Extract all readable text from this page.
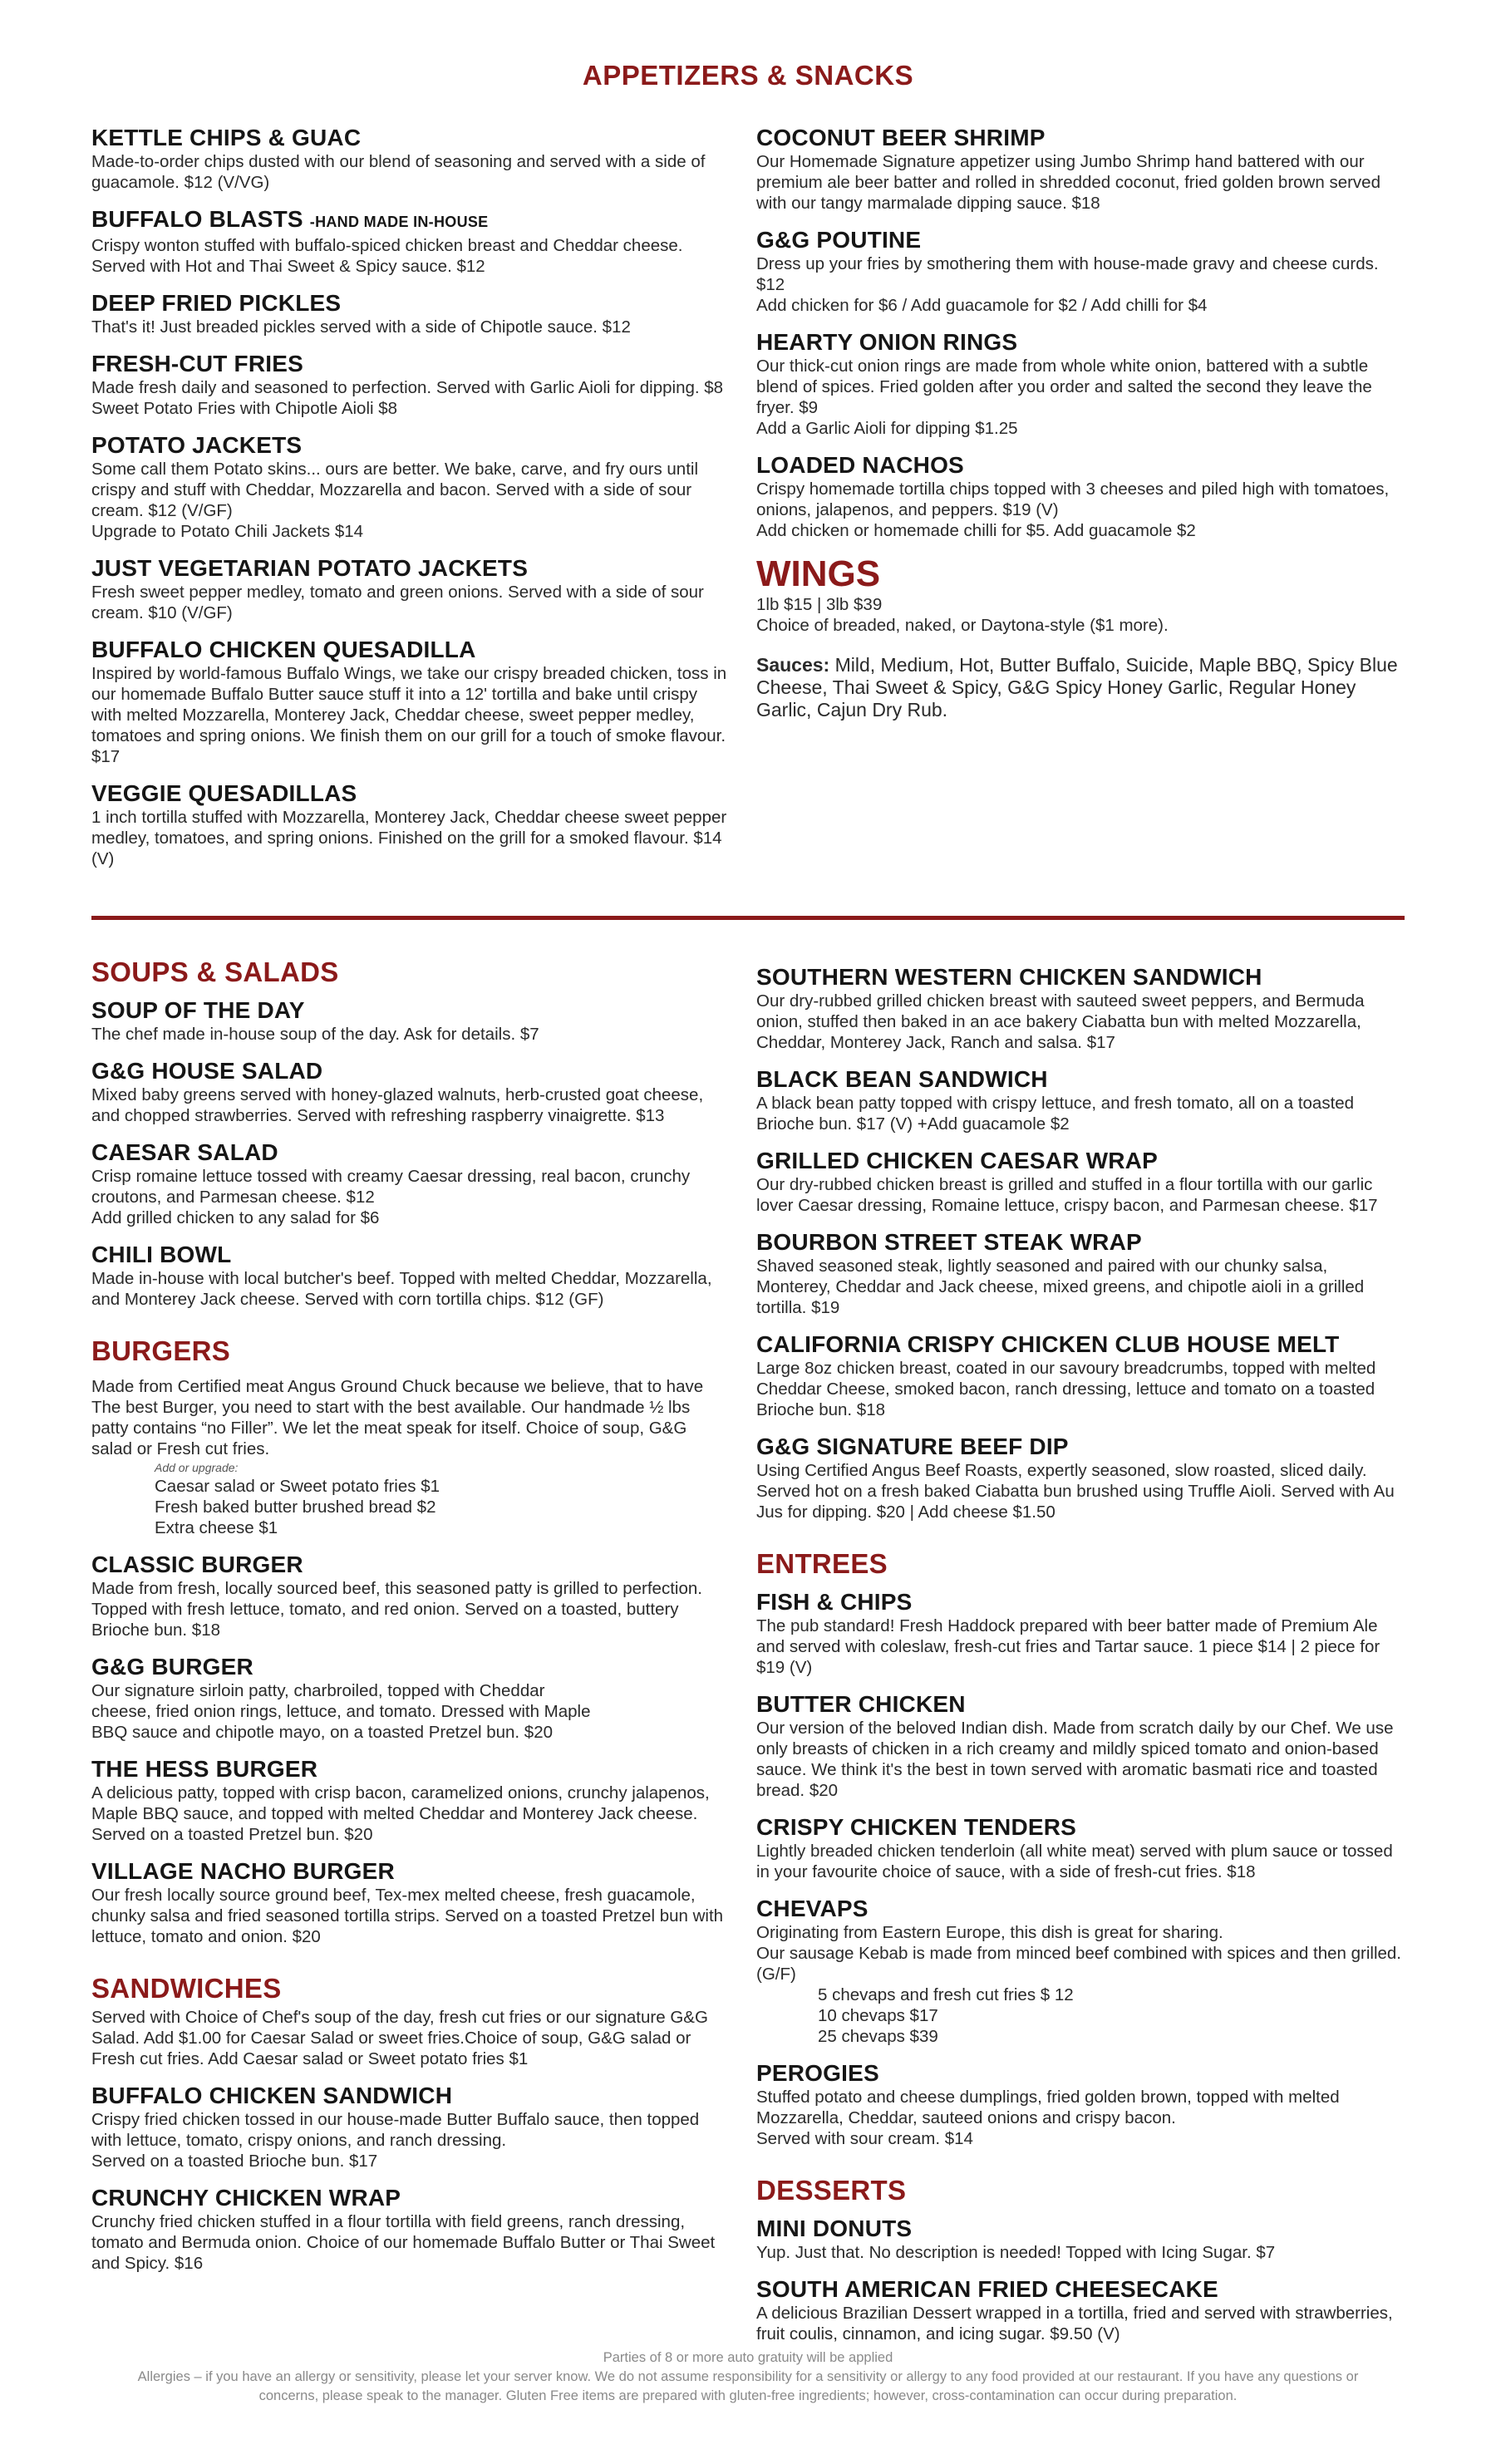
APPETIZERS & SNACKS
KETTLE CHIPS & GUAC
Made-to-order chips dusted with our blend of seasoning and served with a side of guacamole. $12 (V/VG)
BUFFALO BLASTS -HAND MADE IN-HOUSE
Crispy wonton stuffed with buffalo-spiced chicken breast and Cheddar cheese. Served with Hot and Thai Sweet & Spicy sauce. $12
DEEP FRIED PICKLES
That's it! Just breaded pickles served with a side of Chipotle sauce. $12
FRESH-CUT FRIES
Made fresh daily and seasoned to perfection. Served with Garlic Aioli for dipping. $8 Sweet Potato Fries with Chipotle Aioli $8
POTATO JACKETS
Some call them Potato skins... ours are better. We bake, carve, and fry ours until crispy and stuff with Cheddar, Mozzarella and bacon. Served with a side of sour cream. $12 (V/GF)
Upgrade to Potato Chili Jackets $14
JUST VEGETARIAN POTATO JACKETS
Fresh sweet pepper medley, tomato and green onions. Served with a side of sour cream. $10 (V/GF)
BUFFALO CHICKEN QUESADILLA
Inspired by world-famous Buffalo Wings, we take our crispy breaded chicken, toss in our homemade Buffalo Butter sauce stuff it into a 12' tortilla and bake until crispy with melted Mozzarella, Monterey Jack, Cheddar cheese, sweet pepper medley, tomatoes and spring onions. We finish them on our grill for a touch of smoke flavour. $17
VEGGIE QUESADILLAS
1 inch tortilla stuffed with Mozzarella, Monterey Jack, Cheddar cheese sweet pepper medley, tomatoes, and spring onions. Finished on the grill for a smoked flavour. $14 (V)
COCONUT BEER SHRIMP
Our Homemade Signature appetizer using Jumbo Shrimp hand battered with our premium ale beer batter and rolled in shredded coconut, fried golden brown served with our tangy marmalade dipping sauce. $18
G&G POUTINE
Dress up your fries by smothering them with house-made gravy and cheese curds. $12
Add chicken for $6 / Add guacamole for $2 / Add chilli for $4
HEARTY ONION RINGS
Our thick-cut onion rings are made from whole white onion, battered with a subtle blend of spices. Fried golden after you order and salted the second they leave the fryer. $9
Add a Garlic Aioli for dipping $1.25
LOADED NACHOS
Crispy homemade tortilla chips topped with 3 cheeses and piled high with tomatoes, onions, jalapenos, and peppers. $19 (V)
Add chicken or homemade chilli for $5. Add guacamole $2
WINGS
1lb $15 | 3lb $39
Choice of breaded, naked, or Daytona-style ($1 more).
Sauces: Mild, Medium, Hot, Butter Buffalo, Suicide, Maple BBQ, Spicy Blue Cheese, Thai Sweet & Spicy, G&G Spicy Honey Garlic, Regular Honey Garlic, Cajun Dry Rub.
SOUPS & SALADS
SOUP OF THE DAY
The chef made in-house soup of the day. Ask for details. $7
G&G HOUSE SALAD
Mixed baby greens served with honey-glazed walnuts, herb-crusted goat cheese, and chopped strawberries. Served with refreshing raspberry vinaigrette. $13
CAESAR SALAD
Crisp romaine lettuce tossed with creamy Caesar dressing, real bacon, crunchy croutons, and Parmesan cheese. $12
Add grilled chicken to any salad for $6
CHILI BOWL
Made in-house with local butcher's beef. Topped with melted Cheddar, Mozzarella, and Monterey Jack cheese. Served with corn tortilla chips. $12 (GF)
BURGERS
Made from Certified meat Angus Ground Chuck because we believe, that to have The best Burger, you need to start with the best available. Our handmade ½ lbs patty contains “no Filler”. We let the meat speak for itself. Choice of soup, G&G salad or Fresh cut fries.
Add or upgrade:
Caesar salad or Sweet potato fries $1
Fresh baked butter brushed bread $2
Extra cheese $1
CLASSIC BURGER
Made from fresh, locally sourced beef, this seasoned patty is grilled to perfection. Topped with fresh lettuce, tomato, and red onion. Served on a toasted, buttery Brioche bun. $18
G&G BURGER
Our signature sirloin patty, charbroiled, topped with Cheddar
cheese, fried onion rings, lettuce, and tomato. Dressed with Maple
BBQ sauce and chipotle mayo, on a toasted Pretzel bun. $20
THE HESS BURGER
A delicious patty, topped with crisp bacon, caramelized onions, crunchy jalapenos, Maple BBQ sauce, and topped with melted Cheddar and Monterey Jack cheese. Served on a toasted Pretzel bun. $20
VILLAGE NACHO BURGER
Our fresh locally source ground beef, Tex-mex melted cheese, fresh guacamole, chunky salsa and fried seasoned tortilla strips. Served on a toasted Pretzel bun with lettuce, tomato and onion. $20
SANDWICHES
Served with Choice of Chef's soup of the day, fresh cut fries or our signature G&G Salad. Add $1.00 for Caesar Salad or sweet fries.Choice of soup, G&G salad or Fresh cut fries. Add Caesar salad or Sweet potato fries $1
BUFFALO CHICKEN SANDWICH
Crispy fried chicken tossed in our house-made Butter Buffalo sauce, then topped with lettuce, tomato, crispy onions, and ranch dressing.
Served on a toasted Brioche bun. $17
CRUNCHY CHICKEN WRAP
Crunchy fried chicken stuffed in a flour tortilla with field greens, ranch dressing, tomato and Bermuda onion. Choice of our homemade Buffalo Butter or Thai Sweet and Spicy. $16
SOUTHERN WESTERN CHICKEN SANDWICH
Our dry-rubbed grilled chicken breast with sauteed sweet peppers, and Bermuda onion, stuffed then baked in an ace bakery Ciabatta bun with melted Mozzarella, Cheddar, Monterey Jack, Ranch and salsa. $17
BLACK BEAN SANDWICH
A black bean patty topped with crispy lettuce, and fresh tomato, all on a toasted Brioche bun. $17 (V) +Add guacamole $2
GRILLED CHICKEN CAESAR WRAP
Our dry-rubbed chicken breast is grilled and stuffed in a flour tortilla with our garlic lover Caesar dressing, Romaine lettuce, crispy bacon, and Parmesan cheese. $17
BOURBON STREET STEAK WRAP
Shaved seasoned steak, lightly seasoned and paired with our chunky salsa, Monterey, Cheddar and Jack cheese, mixed greens, and chipotle aioli in a grilled tortilla. $19
CALIFORNIA CRISPY CHICKEN CLUB HOUSE MELT
Large 8oz chicken breast, coated in our savoury breadcrumbs, topped with melted Cheddar Cheese, smoked bacon, ranch dressing, lettuce and tomato on a toasted Brioche bun. $18
G&G SIGNATURE BEEF DIP
Using Certified Angus Beef Roasts, expertly seasoned, slow roasted, sliced daily. Served hot on a fresh baked Ciabatta bun brushed using Truffle Aioli. Served with Au Jus for dipping. $20 | Add cheese $1.50
ENTREES
FISH & CHIPS
The pub standard! Fresh Haddock prepared with beer batter made of Premium Ale and served with coleslaw, fresh-cut fries and Tartar sauce. 1 piece $14 | 2 piece for $19 (V)
BUTTER CHICKEN
Our version of the beloved Indian dish. Made from scratch daily by our Chef. We use only breasts of chicken in a rich creamy and mildly spiced tomato and onion-based sauce. We think it's the best in town served with aromatic basmati rice and toasted bread. $20
CRISPY CHICKEN TENDERS
Lightly breaded chicken tenderloin (all white meat) served with plum sauce or tossed in your favourite choice of sauce, with a side of fresh-cut fries. $18
CHEVAPS
Originating from Eastern Europe, this dish is great for sharing.
Our sausage Kebab is made from minced beef combined with spices and then grilled. (G/F)
5 chevaps and fresh cut fries $ 12
10 chevaps $17
25 chevaps $39
PEROGIES
Stuffed potato and cheese dumplings, fried golden brown, topped with melted Mozzarella, Cheddar, sauteed onions and crispy bacon.
Served with sour cream. $14
DESSERTS
MINI DONUTS
Yup. Just that. No description is needed! Topped with Icing Sugar. $7
SOUTH AMERICAN FRIED CHEESECAKE
A delicious Brazilian Dessert wrapped in a tortilla, fried and served with strawberries, fruit coulis, cinnamon, and icing sugar. $9.50 (V)
Parties of 8 or more auto gratuity will be applied
Allergies – if you have an allergy or sensitivity, please let your server know. We do not assume responsibility for a sensitivity or allergy to any food provided at our restaurant. If you have any questions or
concerns, please speak to the manager. Gluten Free items are prepared with gluten-free ingredients; however, cross-contamination can occur during preparation.
